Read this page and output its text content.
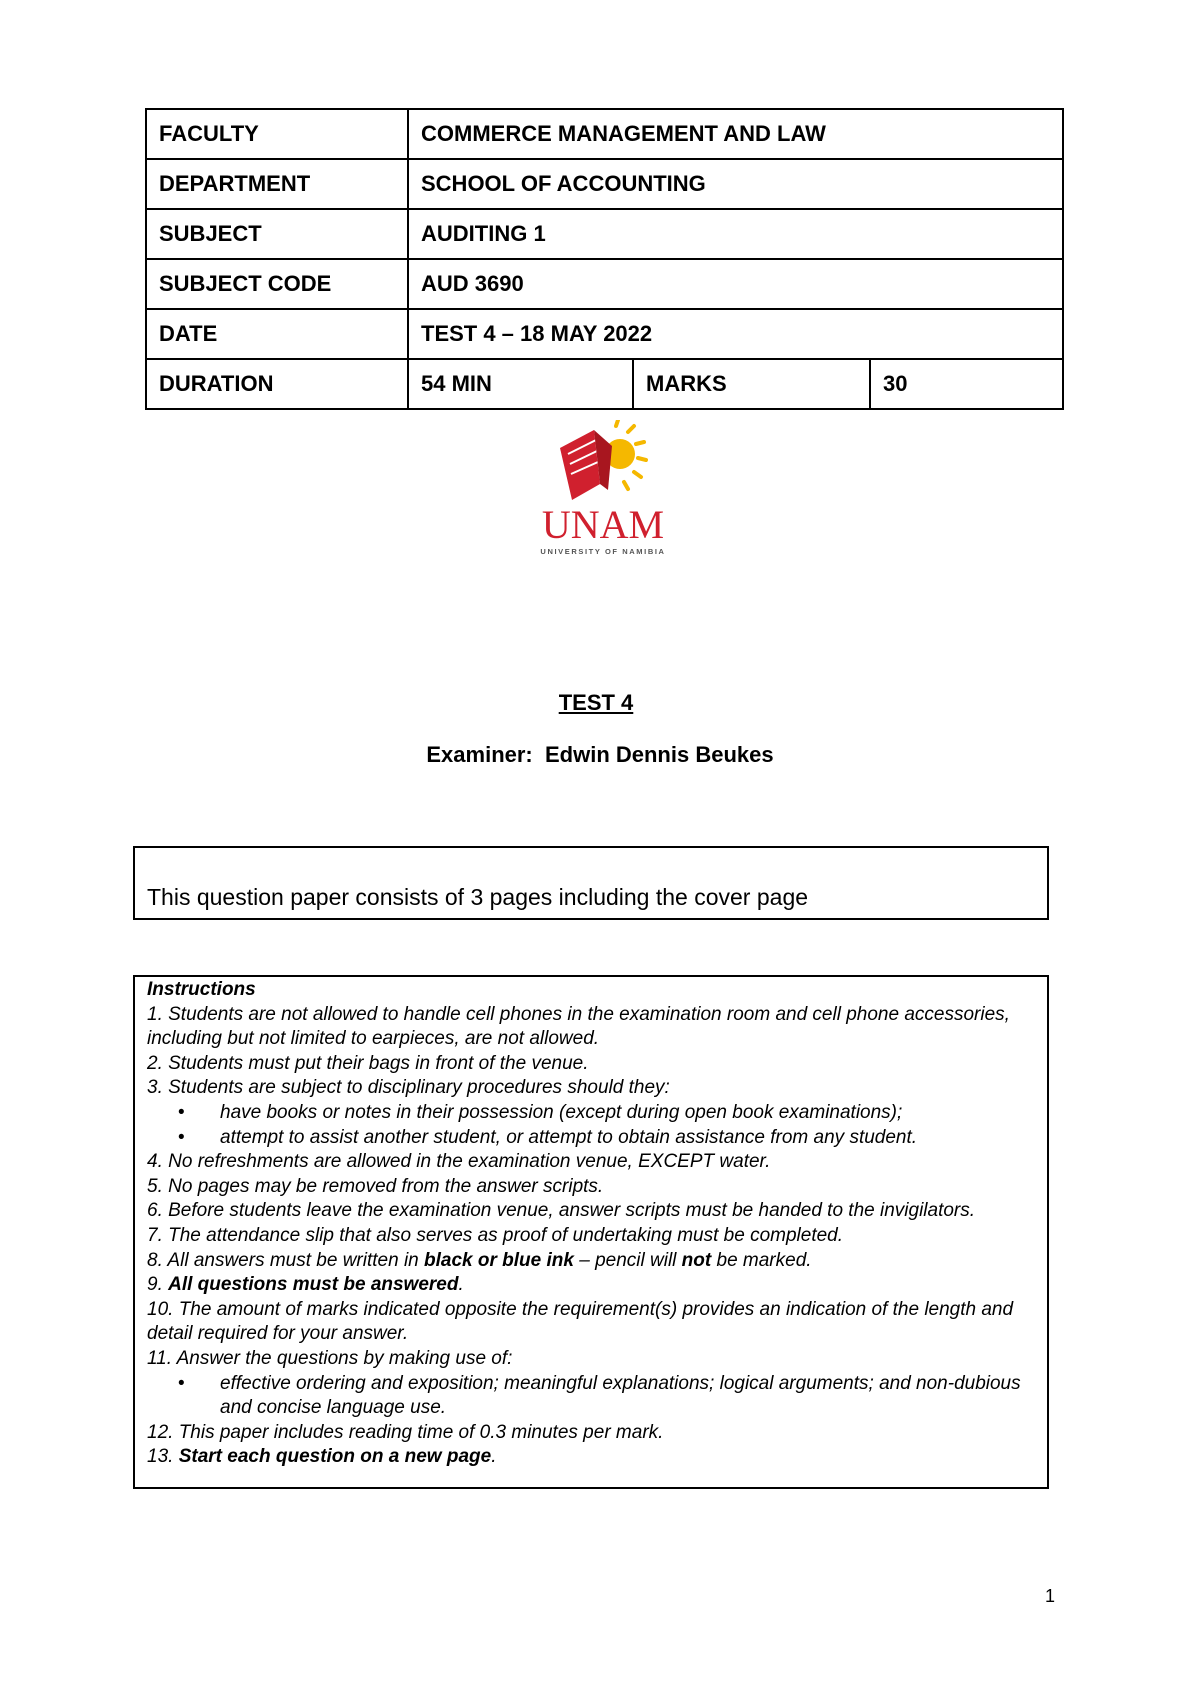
FACULTY	COMMERCE MANAGEMENT AND LAW		
DEPARTMENT	SCHOOL OF ACCOUNTING		
SUBJECT	AUDITING 1		
SUBJECT CODE	AUD 3690		
DATE	TEST 4 – 18 MAY 2022		
DURATION	54 MIN	MARKS	30
UNAM
UNIVERSITY OF NAMIBIA
TEST 4
Examiner:  Edwin Dennis Beukes
This question paper consists of 3 pages including the cover page

Instructions

1. Students are not allowed to handle cell phones in the examination room and cell phone accessories, including but not limited to earpieces, are not allowed.

2. Students must put their bags in front of the venue.

3. Students are subject to disciplinary procedures should they:

• have books or notes in their possession (except during open book examinations);
• attempt to assist another student, or attempt to obtain assistance from any student.

4. No refreshments are allowed in the examination venue, EXCEPT water.

5. No pages may be removed from the answer scripts.

6. Before students leave the examination venue, answer scripts must be handed to the invigilators.

7. The attendance slip that also serves as proof of undertaking must be completed.

8. All answers must be written in black or blue ink – pencil will not be marked.

9. All questions must be answered.

10. The amount of marks indicated opposite the requirement(s) provides an indication of the length and detail required for your answer.

11. Answer the questions by making use of:

• effective ordering and exposition; meaningful explanations; logical arguments; and non-dubious and concise language use.

12. This paper includes reading time of 0.3 minutes per mark.

13. Start each question on a new page.

1
